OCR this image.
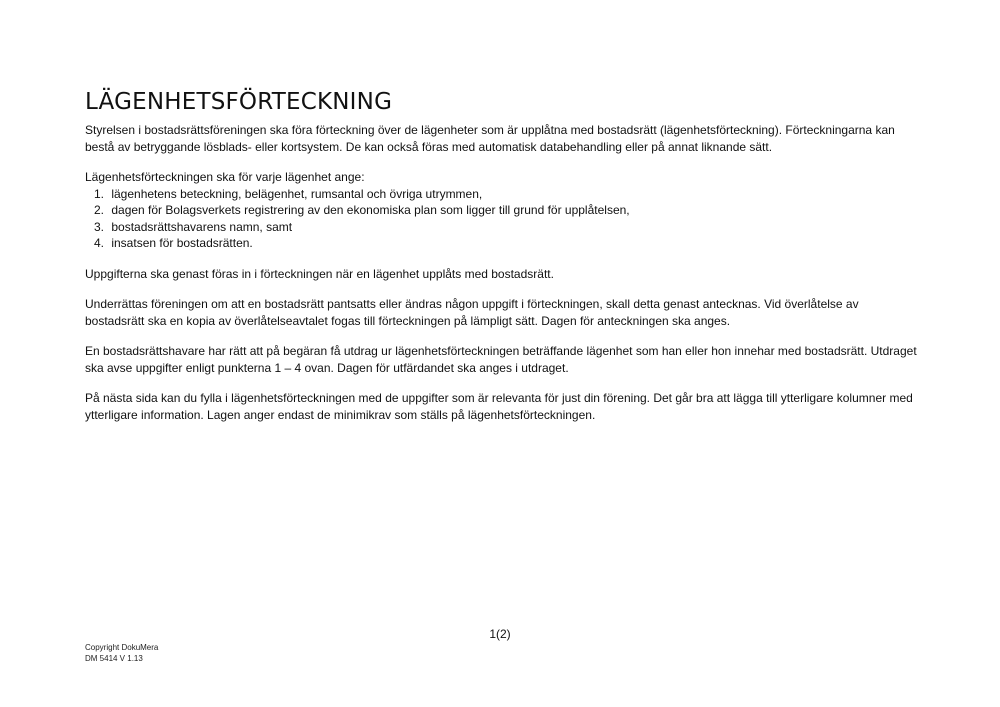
LÄGENHETSFÖRTECKNING

Styrelsen i bostadsrättsföreningen ska föra förteckning över de lägenheter som är upplåtna med bostadsrätt (lägenhetsförteckning). Förteckningarna kan bestå av betryggande lösblads- eller kortsystem. De kan också föras med automatisk databehandling eller på annat liknande sätt.

Lägenhetsförteckningen ska för varje lägenhet ange:

1. lägenhetens beteckning, belägenhet, rumsantal och övriga utrymmen,
2. dagen för Bolagsverkets registrering av den ekonomiska plan som ligger till grund för upplåtelsen,
3. bostadsrättshavarens namn, samt
4. insatsen för bostadsrätten.

Uppgifterna ska genast föras in i förteckningen när en lägenhet upplåts med bostadsrätt.

Underrättas föreningen om att en bostadsrätt pantsatts eller ändras någon uppgift i förteckningen, skall detta genast antecknas. Vid överlåtelse av bostadsrätt ska en kopia av överlåtelseavtalet fogas till förteckningen på lämpligt sätt. Dagen för anteckningen ska anges.

En bostadsrättshavare har rätt att på begäran få utdrag ur lägenhetsförteckningen beträffande lägenhet som han eller hon innehar med bostadsrätt. Utdraget ska avse uppgifter enligt punkterna 1 – 4 ovan. Dagen för utfärdandet ska anges i utdraget.

På nästa sida kan du fylla i lägenhetsförteckningen med de uppgifter som är relevanta för just din förening. Det går bra att lägga till ytterligare kolumner med ytterligare information. Lagen anger endast de minimikrav som ställs på lägenhetsförteckningen.

1(2)
Copyright DokuMera
DM 5414 V 1.13
